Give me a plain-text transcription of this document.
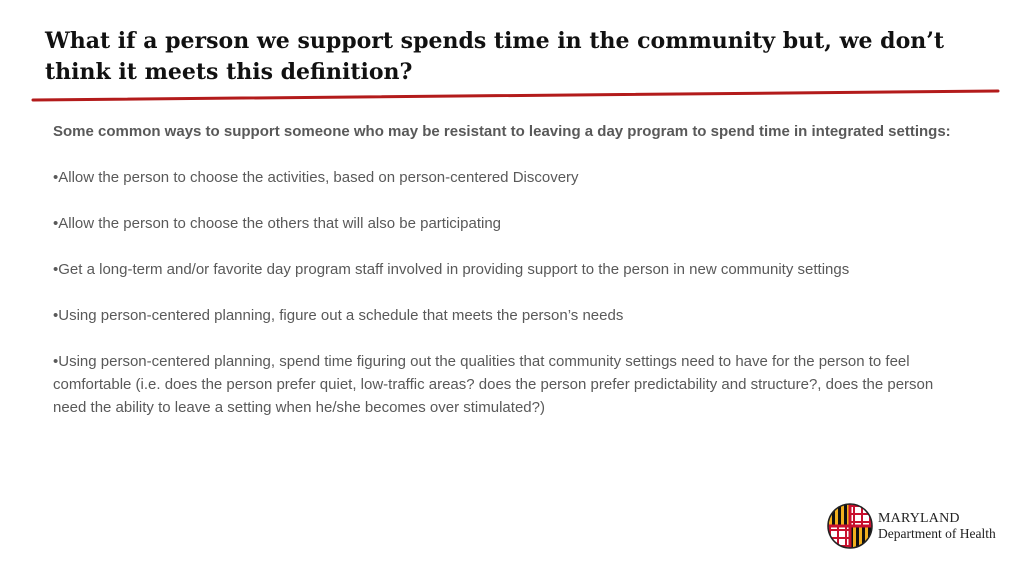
What if a person we support spends time in the community but, we don’t think it meets this definition?

Some common ways to support someone who may be resistant to leaving a day program to spend time in integrated settings:

•Allow the person to choose the activities, based on person-centered Discovery

•Allow the person to choose the others that will also be participating

•Get a long-term and/or favorite day program staff involved in providing support to the person in new community settings

•Using person-centered planning, figure out a schedule that meets the person’s needs

•Using person-centered planning, spend time figuring out the qualities that community settings need to have for the person to feel comfortable (i.e. does the person prefer quiet, low-traffic areas? does the person prefer predictability and structure?, does the person need the ability to leave a setting when he/she becomes over stimulated?)

MARYLAND
Department of Health
